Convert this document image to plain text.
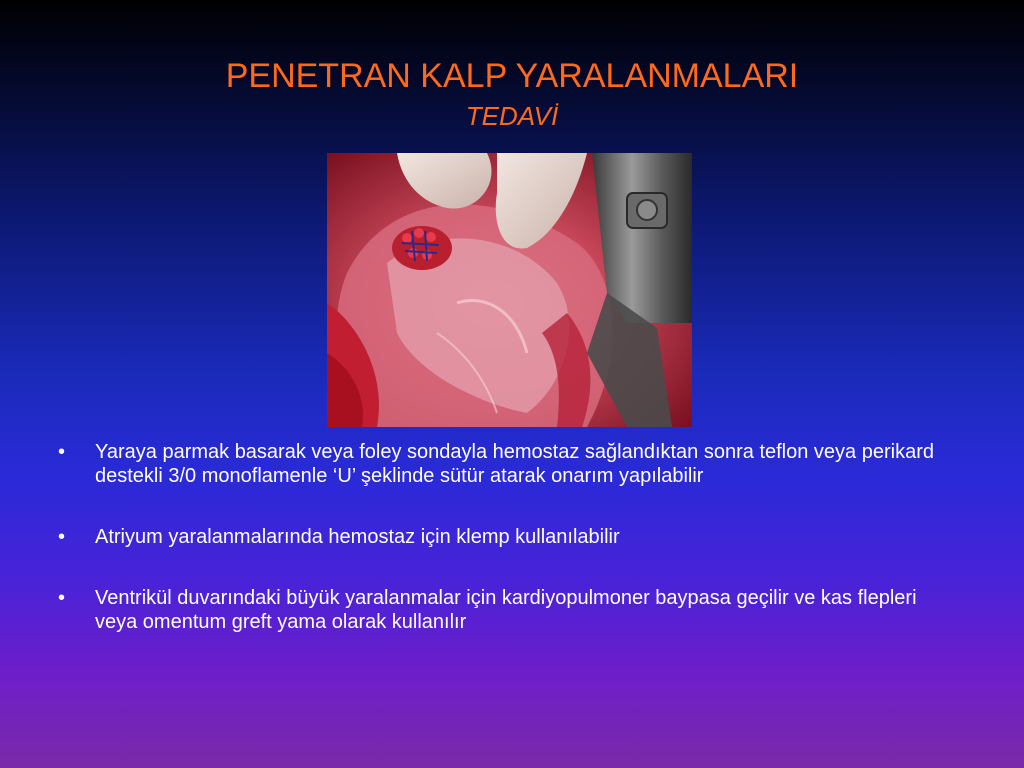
PENETRAN KALP YARALANMALARI
TEDAVİ
•	Yaraya parmak basarak veya foley sondayla hemostaz sağlandıktan sonra teflon veya perikard destekli 3/0 monoflamenle ‘U’ şeklinde sütür atarak onarım yapılabilir
•	Atriyum yaralanmalarında hemostaz için klemp kullanılabilir
•	Ventrikül duvarındaki büyük yaralanmalar için kardiyopulmoner baypasa geçilir ve kas flepleri veya omentum greft yama olarak kullanılır
